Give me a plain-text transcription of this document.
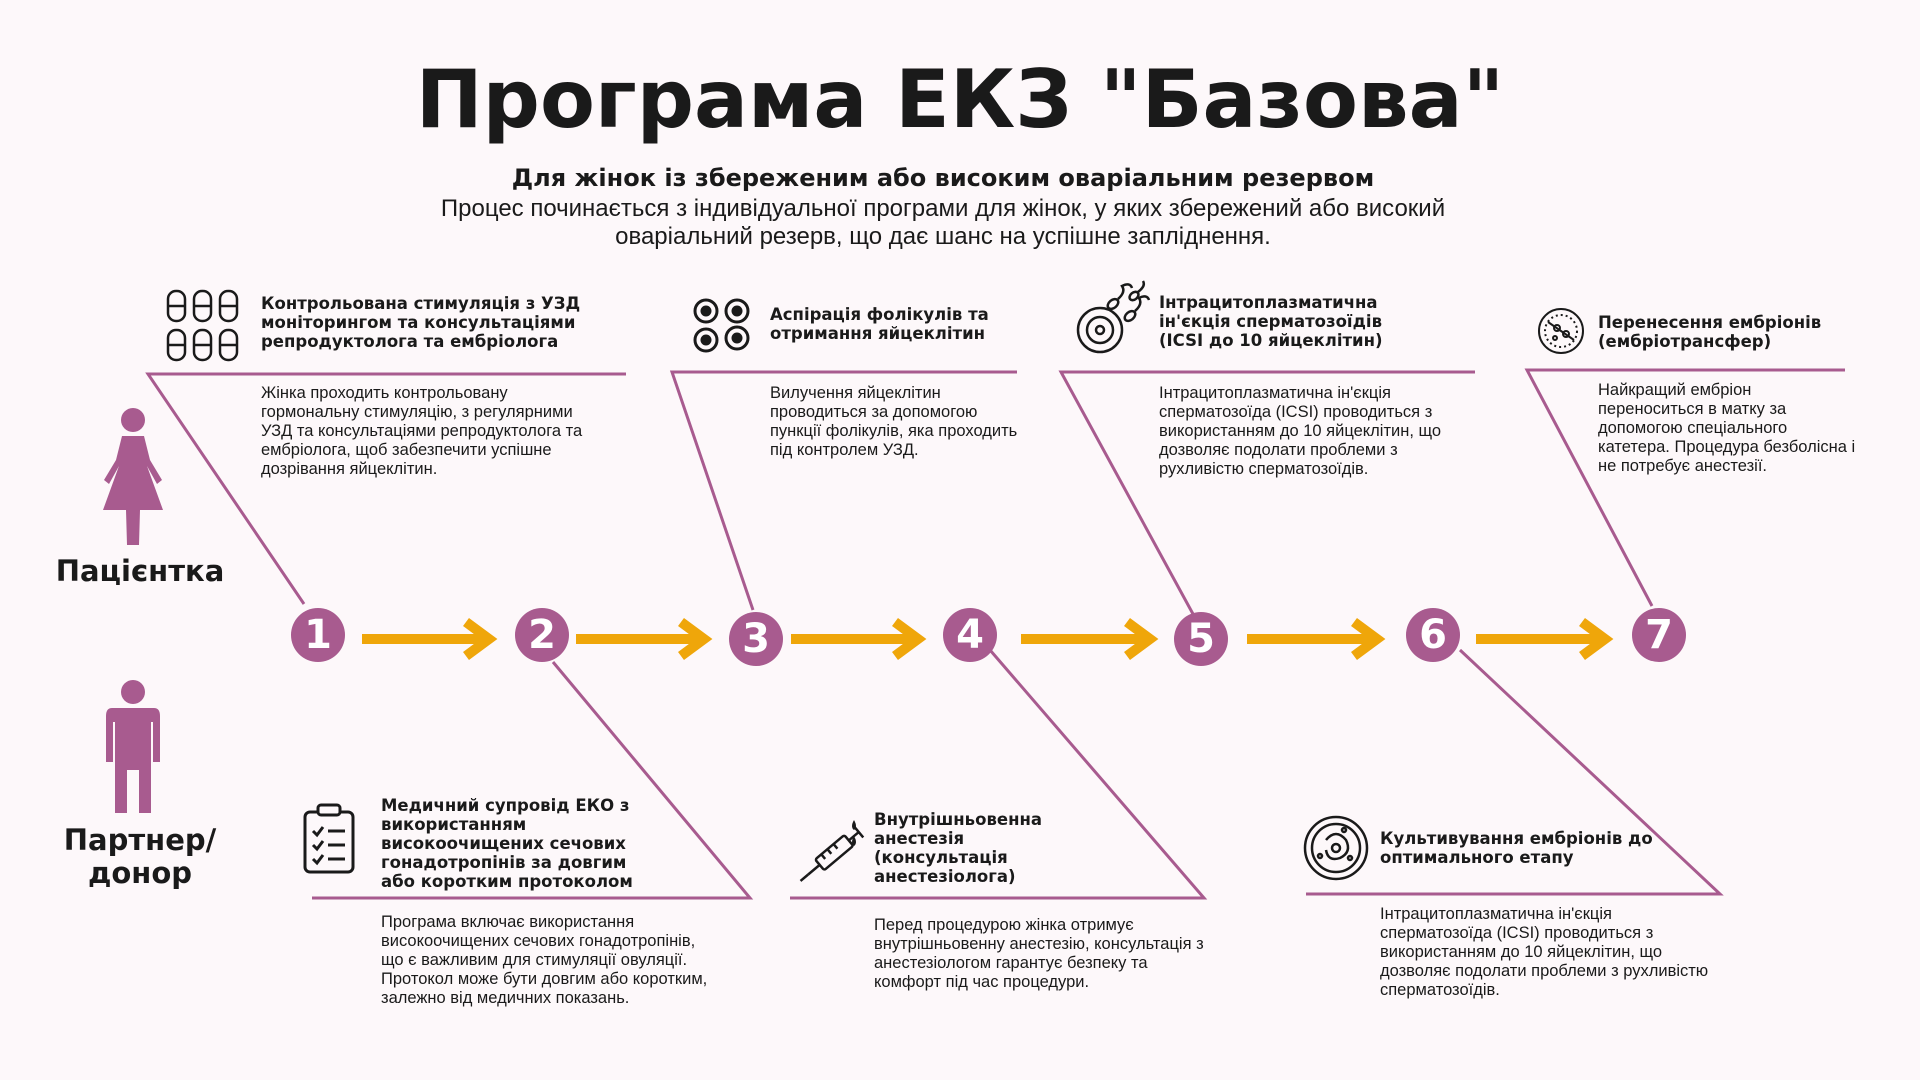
Програма ЕКЗ "Базова"
Для жінок із збереженим або високим оваріальним резервом
Процес починається з індивідуальної програми для жінок, у яких збережений або високий оваріальний резерв, що дає шанс на успішне запліднення.
Пацієнтка
Партнер/ донор
1	2	3	4	5	6	7
Контрольована стимуляція з УЗД моніторингом та консультаціями репродуктолога та ембріолога
Жінка проходить контрольовану гормональну стимуляцію, з регулярними УЗД та консультаціями репродуктолога та ембріолога, щоб забезпечити успішне дозрівання яйцеклітин.
Аспірація фолікулів та отримання яйцеклітин
Вилучення яйцеклітин проводиться за допомогою пункції фолікулів, яка проходить під контролем УЗД.
Інтрацитоплазматична ін'єкція сперматозоїдів (ICSI до 10 яйцеклітин)
Інтрацитоплазматична ін'єкція сперматозоїда (ICSI) проводиться з використанням до 10 яйцеклітин, що дозволяє подолати проблеми з рухливістю сперматозоїдів.
Перенесення ембріонів (ембріотрансфер)
Найкращий ембріон переноситься в матку за допомогою спеціального катетера. Процедура безболісна і не потребує анестезії.
Медичний супровід ЕКО з використанням високоочищених сечових гонадотропінів за довгим або коротким протоколом
Програма включає використання високоочищених сечових гонадотропінів, що є важливим для стимуляції овуляції. Протокол може бути довгим або коротким, залежно від медичних показань.
Внутрішньовенна анестезія (консультація анестезіолога)
Перед процедурою жінка отримує внутрішньовенну анестезію, консультація з анестезіологом гарантує безпеку та комфорт під час процедури.
Культивування ембріонів до оптимального етапу
Інтрацитоплазматична ін'єкція сперматозоїда (ICSI) проводиться з використанням до 10 яйцеклітин, що дозволяє подолати проблеми з рухливістю сперматозоїдів.
